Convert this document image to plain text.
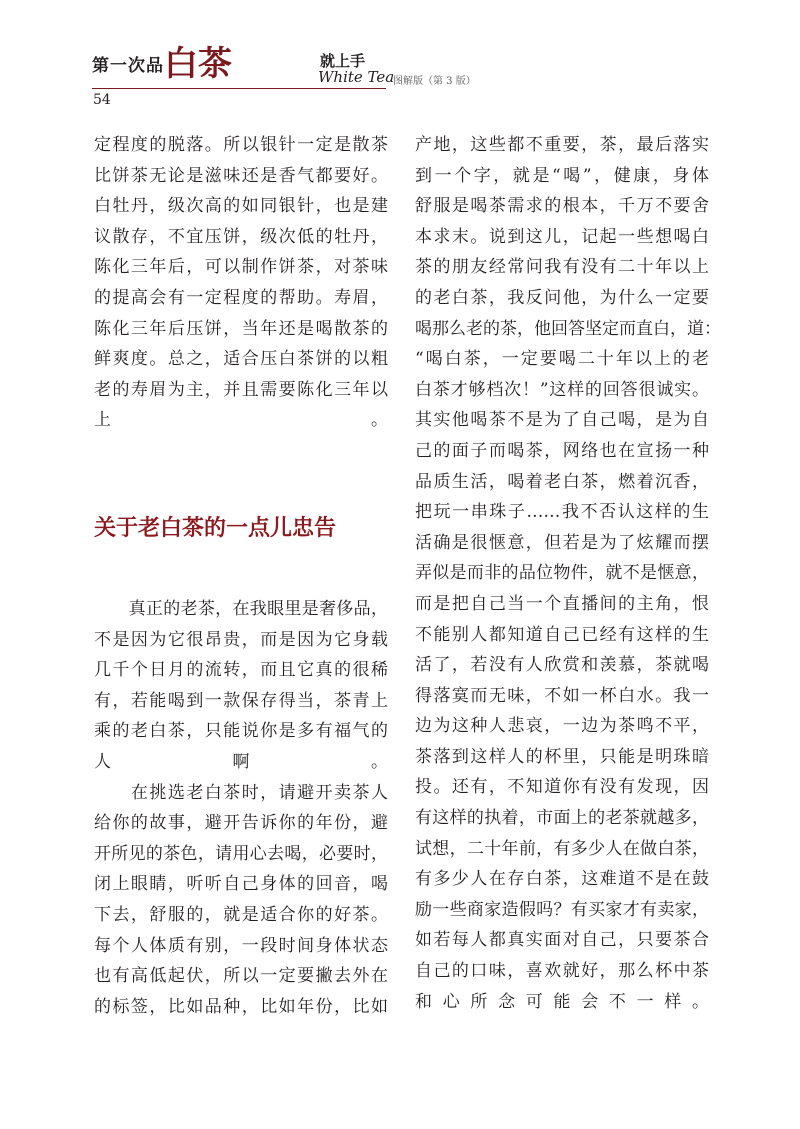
第一次品 白茶	就上手
White Tea
图解版（第 3 版）
54
定程度的脱落。所以银针一定是散茶
比饼茶无论是滋味还是香气都要好。
白牡丹，级次高的如同银针，也是建
议散存，不宜压饼，级次低的牡丹，
陈化三年后，可以制作饼茶，对茶味
的提高会有一定程度的帮助。寿眉，
陈化三年后压饼，当年还是喝散茶的
鲜爽度。总之，适合压白茶饼的以粗
老的寿眉为主，并且需要陈化三年以
上。
关于老白茶的一点儿忠告
　　真正的老茶，在我眼里是奢侈品，
不是因为它很昂贵，而是因为它身载
几千个日月的流转，而且它真的很稀
有，若能喝到一款保存得当，茶青上
乘的老白茶，只能说你是多有福气的
人啊。
　　在挑选老白茶时，请避开卖茶人
给你的故事，避开告诉你的年份，避
开所见的茶色，请用心去喝，必要时，
闭上眼睛，听听自己身体的回音，喝
下去，舒服的，就是适合你的好茶。
每个人体质有别，一段时间身体状态
也有高低起伏，所以一定要撇去外在
的标签，比如品种，比如年份，比如
产地，这些都不重要，茶，最后落实
到一个字，就是“喝”，健康，身体
舒服是喝茶需求的根本，千万不要舍
本求末。说到这儿，记起一些想喝白
茶的朋友经常问我有没有二十年以上
的老白茶，我反问他，为什么一定要
喝那么老的茶，他回答坚定而直白，道：
“喝白茶，一定要喝二十年以上的老
白茶才够档次！”这样的回答很诚实。
其实他喝茶不是为了自己喝，是为自
己的面子而喝茶，网络也在宣扬一种
品质生活，喝着老白茶，燃着沉香，
把玩一串珠子……我不否认这样的生
活确是很惬意，但若是为了炫耀而摆
弄似是而非的品位物件，就不是惬意，
而是把自己当一个直播间的主角，恨
不能别人都知道自己已经有这样的生
活了，若没有人欣赏和羡慕，茶就喝
得落寞而无味，不如一杯白水。我一
边为这种人悲哀，一边为茶鸣不平，
茶落到这样人的杯里，只能是明珠暗
投。还有，不知道你有没有发现，因
有这样的执着，市面上的老茶就越多，
试想，二十年前，有多少人在做白茶，
有多少人在存白茶，这难道不是在鼓
励一些商家造假吗？有买家才有卖家，
如若每人都真实面对自己，只要茶合
自己的口味，喜欢就好，那么杯中茶
和心所念可能会不一样。
